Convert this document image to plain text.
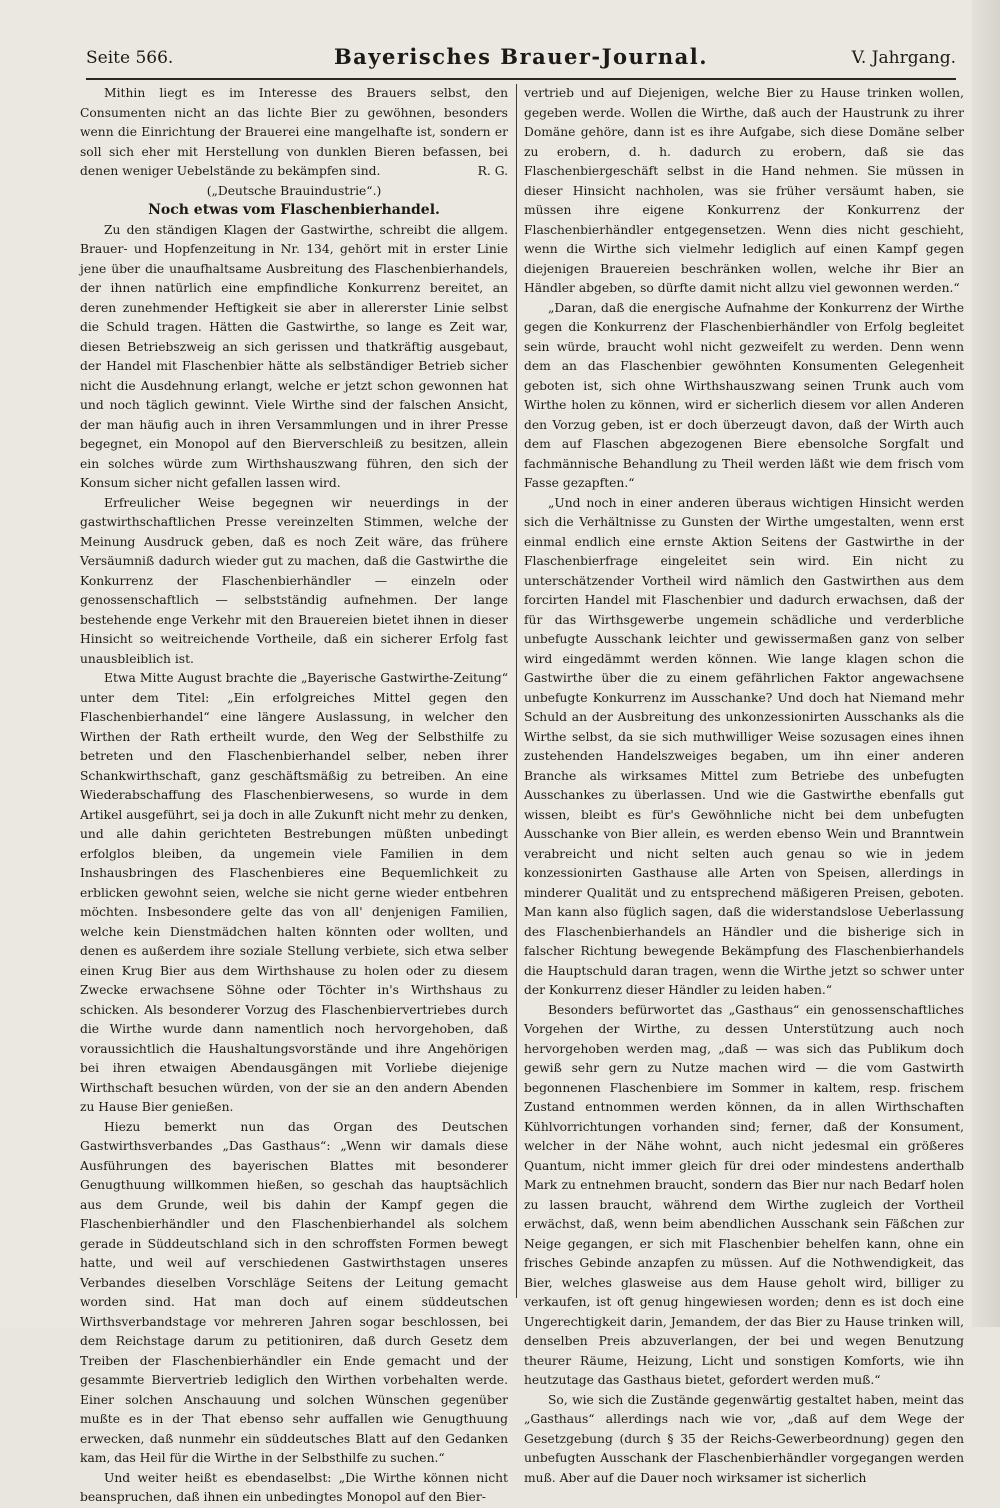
Seite 566.	Bayerisches Brauer-Journal.	V. Jahrgang.

Mithin liegt es im Interesse des Brauers selbst, den Consumenten nicht an das lichte Bier zu gewöhnen, besonders wenn die Einrichtung der Brauerei eine mangelhafte ist, sondern er soll sich eher mit Herstellung von dunklen Bieren befassen, bei denen weniger Uebelstände zu bekämpfen sind.	R. G.

(„Deutsche Brauindustrie“.)

Noch etwas vom Flaschenbierhandel.

Zu den ständigen Klagen der Gastwirthe, schreibt die allgem. Brauer- und Hopfenzeitung in Nr. 134, gehört mit in erster Linie jene über die unaufhaltsame Ausbreitung des Flaschenbierhandels, der ihnen natürlich eine empfindliche Konkurrenz bereitet, an deren zunehmender Heftigkeit sie aber in allererster Linie selbst die Schuld tragen. Hätten die Gastwirthe, so lange es Zeit war, diesen Betriebszweig an sich gerissen und thatkräftig ausgebaut, der Handel mit Flaschenbier hätte als selbständiger Betrieb sicher nicht die Ausdehnung erlangt, welche er jetzt schon gewonnen hat und noch täglich gewinnt. Viele Wirthe sind der falschen Ansicht, der man häufig auch in ihren Versammlungen und in ihrer Presse begegnet, ein Monopol auf den Bierverschleiß zu besitzen, allein ein solches würde zum Wirthshauszwang führen, den sich der Konsum sicher nicht gefallen lassen wird.

Erfreulicher Weise begegnen wir neuerdings in der gastwirthschaftlichen Presse vereinzelten Stimmen, welche der Meinung Ausdruck geben, daß es noch Zeit wäre, das frühere Versäumniß dadurch wieder gut zu machen, daß die Gastwirthe die Konkurrenz der Flaschenbierhändler — einzeln oder genossenschaftlich — selbstständig aufnehmen. Der lange bestehende enge Verkehr mit den Brauereien bietet ihnen in dieser Hinsicht so weitreichende Vortheile, daß ein sicherer Erfolg fast unausbleiblich ist.

Etwa Mitte August brachte die „Bayerische Gastwirthe-Zeitung“ unter dem Titel: „Ein erfolgreiches Mittel gegen den Flaschenbierhandel“ eine längere Auslassung, in welcher den Wirthen der Rath ertheilt wurde, den Weg der Selbsthilfe zu betreten und den Flaschenbierhandel selber, neben ihrer Schankwirthschaft, ganz geschäftsmäßig zu betreiben. An eine Wiederabschaffung des Flaschenbierwesens, so wurde in dem Artikel ausgeführt, sei ja doch in alle Zukunft nicht mehr zu denken, und alle dahin gerichteten Bestrebungen müßten unbedingt erfolglos bleiben, da ungemein viele Familien in dem Inshausbringen des Flaschenbieres eine Bequemlichkeit zu erblicken gewohnt seien, welche sie nicht gerne wieder entbehren möchten. Insbesondere gelte das von all' denjenigen Familien, welche kein Dienstmädchen halten könnten oder wollten, und denen es außerdem ihre soziale Stellung verbiete, sich etwa selber einen Krug Bier aus dem Wirthshause zu holen oder zu diesem Zwecke erwachsene Söhne oder Töchter in's Wirthshaus zu schicken. Als besonderer Vorzug des Flaschenbiervertriebes durch die Wirthe wurde dann namentlich noch hervorgehoben, daß voraussichtlich die Haushaltungsvorstände und ihre Angehörigen bei ihren etwaigen Abendausgängen mit Vorliebe diejenige Wirthschaft besuchen würden, von der sie an den andern Abenden zu Hause Bier genießen.

Hiezu bemerkt nun das Organ des Deutschen Gastwirthsverbandes „Das Gasthaus“: „Wenn wir damals diese Ausführungen des bayerischen Blattes mit besonderer Genugthuung willkommen hießen, so geschah das hauptsächlich aus dem Grunde, weil bis dahin der Kampf gegen die Flaschenbierhändler und den Flaschenbierhandel als solchem gerade in Süddeutschland sich in den schroffsten Formen bewegt hatte, und weil auf verschiedenen Gastwirthstagen unseres Verbandes dieselben Vorschläge Seitens der Leitung gemacht worden sind. Hat man doch auf einem süddeutschen Wirthsverbandstage vor mehreren Jahren sogar beschlossen, bei dem Reichstage darum zu petitioniren, daß durch Gesetz dem Treiben der Flaschenbierhändler ein Ende gemacht und der gesammte Biervertrieb lediglich den Wirthen vorbehalten werde. Einer solchen Anschauung und solchen Wünschen gegenüber mußte es in der That ebenso sehr auffallen wie Genugthuung erwecken, daß nunmehr ein süddeutsches Blatt auf den Gedanken kam, das Heil für die Wirthe in der Selbsthilfe zu suchen.“

Und weiter heißt es ebendaselbst: „Die Wirthe können nicht beanspruchen, daß ihnen ein unbedingtes Monopol auf den Bier-

vertrieb und auf Diejenigen, welche Bier zu Hause trinken wollen, gegeben werde. Wollen die Wirthe, daß auch der Haustrunk zu ihrer Domäne gehöre, dann ist es ihre Aufgabe, sich diese Domäne selber zu erobern, d. h. dadurch zu erobern, daß sie das Flaschenbiergeschäft selbst in die Hand nehmen. Sie müssen in dieser Hinsicht nachholen, was sie früher versäumt haben, sie müssen ihre eigene Konkurrenz der Konkurrenz der Flaschenbierhändler entgegensetzen. Wenn dies nicht geschieht, wenn die Wirthe sich vielmehr lediglich auf einen Kampf gegen diejenigen Brauereien beschränken wollen, welche ihr Bier an Händler abgeben, so dürfte damit nicht allzu viel gewonnen werden.“

„Daran, daß die energische Aufnahme der Konkurrenz der Wirthe gegen die Konkurrenz der Flaschenbierhändler von Erfolg begleitet sein würde, braucht wohl nicht gezweifelt zu werden. Denn wenn dem an das Flaschenbier gewöhnten Konsumenten Gelegenheit geboten ist, sich ohne Wirthshauszwang seinen Trunk auch vom Wirthe holen zu können, wird er sicherlich diesem vor allen Anderen den Vorzug geben, ist er doch überzeugt davon, daß der Wirth auch dem auf Flaschen abgezogenen Biere ebensolche Sorgfalt und fachmännische Behandlung zu Theil werden läßt wie dem frisch vom Fasse gezapften.“

„Und noch in einer anderen überaus wichtigen Hinsicht werden sich die Verhältnisse zu Gunsten der Wirthe umgestalten, wenn erst einmal endlich eine ernste Aktion Seitens der Gastwirthe in der Flaschenbierfrage eingeleitet sein wird. Ein nicht zu unterschätzender Vortheil wird nämlich den Gastwirthen aus dem forcirten Handel mit Flaschenbier und dadurch erwachsen, daß der für das Wirthsgewerbe ungemein schädliche und verderbliche unbefugte Ausschank leichter und gewissermaßen ganz von selber wird eingedämmt werden können. Wie lange klagen schon die Gastwirthe über die zu einem gefährlichen Faktor angewachsene unbefugte Konkurrenz im Ausschanke? Und doch hat Niemand mehr Schuld an der Ausbreitung des unkonzessionirten Ausschanks als die Wirthe selbst, da sie sich muthwilliger Weise sozusagen eines ihnen zustehenden Handelszweiges begaben, um ihn einer anderen Branche als wirksames Mittel zum Betriebe des unbefugten Ausschankes zu überlassen. Und wie die Gastwirthe ebenfalls gut wissen, bleibt es für's Gewöhnliche nicht bei dem unbefugten Ausschanke von Bier allein, es werden ebenso Wein und Branntwein verabreicht und nicht selten auch genau so wie in jedem konzessionirten Gasthause alle Arten von Speisen, allerdings in minderer Qualität und zu entsprechend mäßigeren Preisen, geboten. Man kann also füglich sagen, daß die widerstandslose Ueberlassung des Flaschenbierhandels an Händler und die bisherige sich in falscher Richtung bewegende Bekämpfung des Flaschenbierhandels die Hauptschuld daran tragen, wenn die Wirthe jetzt so schwer unter der Konkurrenz dieser Händler zu leiden haben.“

Besonders befürwortet das „Gasthaus“ ein genossenschaftliches Vorgehen der Wirthe, zu dessen Unterstützung auch noch hervorgehoben werden mag, „daß — was sich das Publikum doch gewiß sehr gern zu Nutze machen wird — die vom Gastwirth begonnenen Flaschenbiere im Sommer in kaltem, resp. frischem Zustand entnommen werden können, da in allen Wirthschaften Kühlvorrichtungen vorhanden sind; ferner, daß der Konsument, welcher in der Nähe wohnt, auch nicht jedesmal ein größeres Quantum, nicht immer gleich für drei oder mindestens anderthalb Mark zu entnehmen braucht, sondern das Bier nur nach Bedarf holen zu lassen braucht, während dem Wirthe zugleich der Vortheil erwächst, daß, wenn beim abendlichen Ausschank sein Fäßchen zur Neige gegangen, er sich mit Flaschenbier behelfen kann, ohne ein frisches Gebinde anzapfen zu müssen. Auf die Nothwendigkeit, das Bier, welches glasweise aus dem Hause geholt wird, billiger zu verkaufen, ist oft genug hingewiesen worden; denn es ist doch eine Ungerechtigkeit darin, Jemandem, der das Bier zu Hause trinken will, denselben Preis abzuverlangen, der bei und wegen Benutzung theurer Räume, Heizung, Licht und sonstigen Komforts, wie ihn heutzutage das Gasthaus bietet, gefordert werden muß.“

So, wie sich die Zustände gegenwärtig gestaltet haben, meint das „Gasthaus“ allerdings nach wie vor, „daß auf dem Wege der Gesetzgebung (durch § 35 der Reichs-Gewerbeordnung) gegen den unbefugten Ausschank der Flaschenbierhändler vorgegangen werden muß. Aber auf die Dauer noch wirksamer ist sicherlich
